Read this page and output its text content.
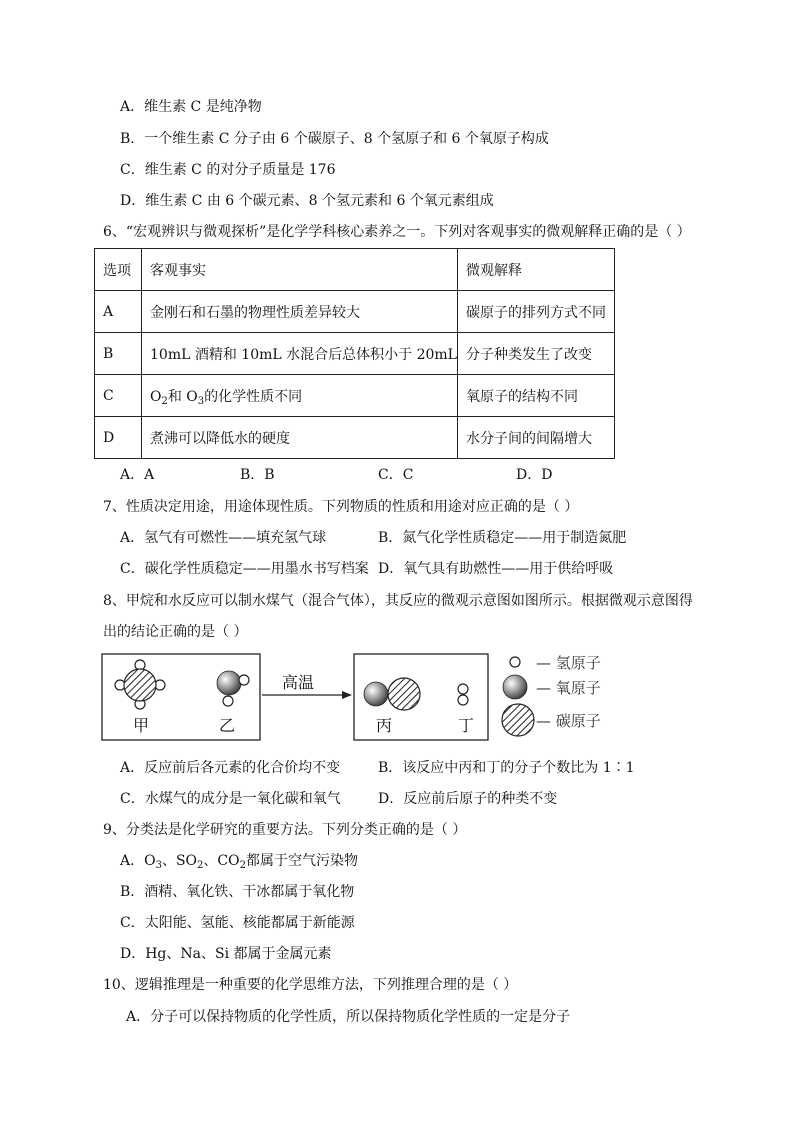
A．维生素 C 是纯净物
B．一个维生素 C 分子由 6 个碳原子、8 个氢原子和 6 个氧原子构成
C．维生素 C 的对分子质量是 176
D．维生素 C 由 6 个碳元素、8 个氢元素和 6 个氧元素组成
6、“宏观辨识与微观探析”是化学学科核心素养之一。下列对客观事实的微观解释正确的是（ ）
选项	客观事实	微观解释
A	金刚石和石墨的物理性质差异较大	碳原子的排列方式不同
B	10mL 酒精和 10mL 水混合后总体积小于 20mL	分子种类发生了改变
C	$O_2$和 $O_3$的化学性质不同	氧原子的结构不同
D	煮沸可以降低水的硬度	水分子间的间隔增大
A．A	B．B	C．C	D．D
7、性质决定用途，用途体现性质。下列物质的性质和用途对应正确的是（ ）
A．氢气有可燃性——填充氢气球	B．氮气化学性质稳定——用于制造氮肥
C．碳化学性质稳定——用墨水书写档案 D．氧气具有助燃性——用于供给呼吸
8、甲烷和水反应可以制水煤气（混合气体），其反应的微观示意图如图所示。根据微观示意图得
出的结论正确的是（ ）
甲	乙
高温
丙	丁
— 氢原子
— 氧原子
— 碳原子
A．反应前后各元素的化合价均不变	B．该反应中丙和丁的分子个数比为 1∶1
C．水煤气的成分是一氧化碳和氧气	D．反应前后原子的种类不变
9、分类法是化学研究的重要方法。下列分类正确的是（ ）
A．$O_3$、$SO_2$、$CO_2$都属于空气污染物
B．酒精、氧化铁、干冰都属于氧化物
C．太阳能、氢能、核能都属于新能源
D．Hg、Na、Si 都属于金属元素
10、逻辑推理是一种重要的化学思维方法，下列推理合理的是（ ）
A．分子可以保持物质的化学性质，所以保持物质化学性质的一定是分子
